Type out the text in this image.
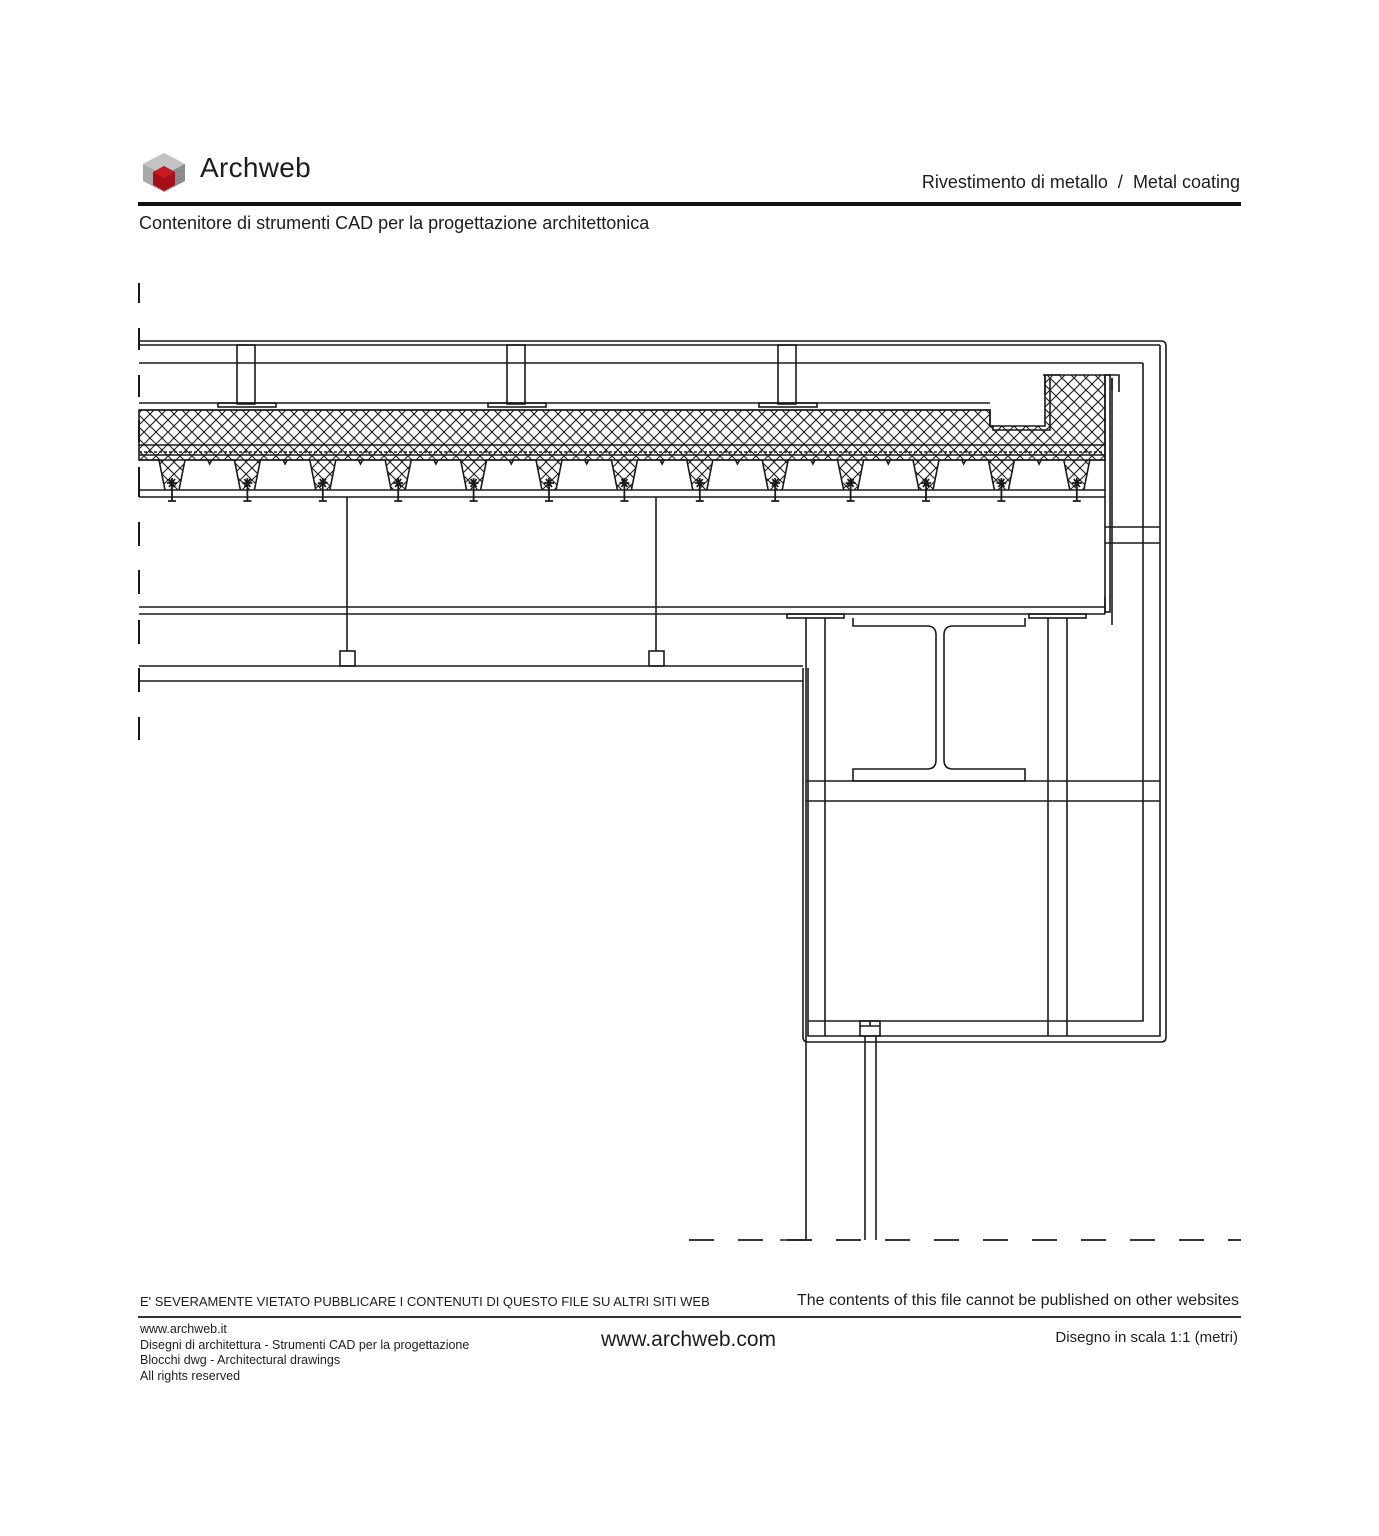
Archweb	Rivestimento di metallo  /  Metal coating
Contenitore di strumenti CAD per la progettazione architettonica
E' SEVERAMENTE VIETATO PUBBLICARE I CONTENUTI DI QUESTO FILE SU ALTRI SITI WEB	The contents of this file cannot be published on other websites
www.archweb.it
Disegni di architettura - Strumenti CAD per la progettazione
Blocchi dwg - Architectural drawings
All rights reserved
www.archweb.com	Disegno in scala 1:1 (metri)
